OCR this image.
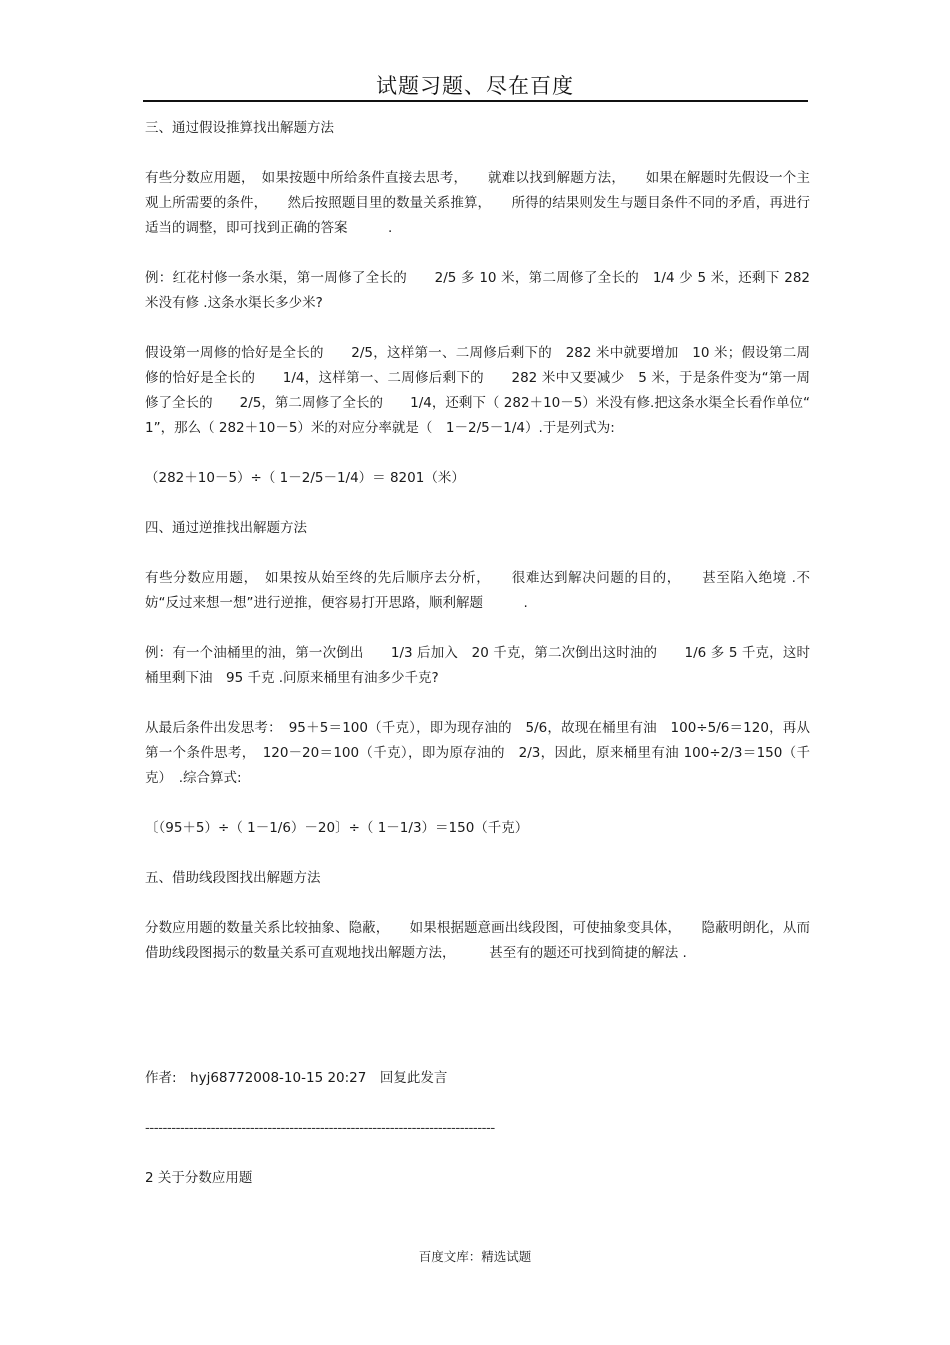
试题习题、尽在百度

三、通过假设推算找出解题方法

有些分数应用题，　如果按题中所给条件直接去思考，　　就难以找到解题方法，　　如果在解题时先假设一个主观上所需要的条件，　　然后按照题目里的数量关系推算，　　所得的结果则发生与题目条件不同的矛盾，再进行适当的调整，即可找到正确的答案　　　.

例：红花村修一条水渠，第一周修了全长的　　2/5 多 10 米，第二周修了全长的　1/4 少 5 米，还剩下 282 米没有修 .这条水渠长多少米?

假设第一周修的恰好是全长的　　2/5，这样第一、二周修后剩下的　282 米中就要增加　10 米；假设第二周修的恰好是全长的　　1/4，这样第一、二周修后剩下的　　282 米中又要减少　5 米，于是条件变为“第一周修了全长的　　2/5，第二周修了全长的　　1/4，还剩下（ 282＋10－5）米没有修.把这条水渠全长看作单位“　1”，那么（ 282＋10－5）米的对应分率就是（　1－2/5－1/4）.于是列式为:

（282＋10－5）÷（ 1－2/5－1/4）＝ 8201（米）

四、通过逆推找出解题方法

有些分数应用题，　如果按从始至终的先后顺序去分析，　　很难达到解决问题的目的，　　甚至陷入绝境 .不妨“反过来想一想”进行逆推，便容易打开思路，顺利解题　　　.

例：有一个油桶里的油，第一次倒出　　1/3 后加入　20 千克，第二次倒出这时油的　　1/6 多 5 千克，这时桶里剩下油　95 千克 .问原来桶里有油多少千克?

从最后条件出发思考：　95＋5＝100（千克），即为现存油的　5/6，故现在桶里有油　100÷5/6＝120，再从第一个条件思考，　120－20＝100（千克），即为原存油的　2/3，因此，原来桶里有油 100÷2/3＝150（千克）　.综合算式:

〔（95＋5）÷（ 1－1/6）－20〕÷（ 1－1/3）＝150（千克）

五、借助线段图找出解题方法

分数应用题的数量关系比较抽象、隐蔽，　　如果根据题意画出线段图，可使抽象变具体，　　隐蔽明朗化，从而借助线段图揭示的数量关系可直观地找出解题方法，　　　甚至有的题还可找到简捷的解法 .

作者:　hyj68772008-10-15 20:27　回复此发言

--------------------------------------------------------------------------------

2 关于分数应用题

百度文库：精选试题
